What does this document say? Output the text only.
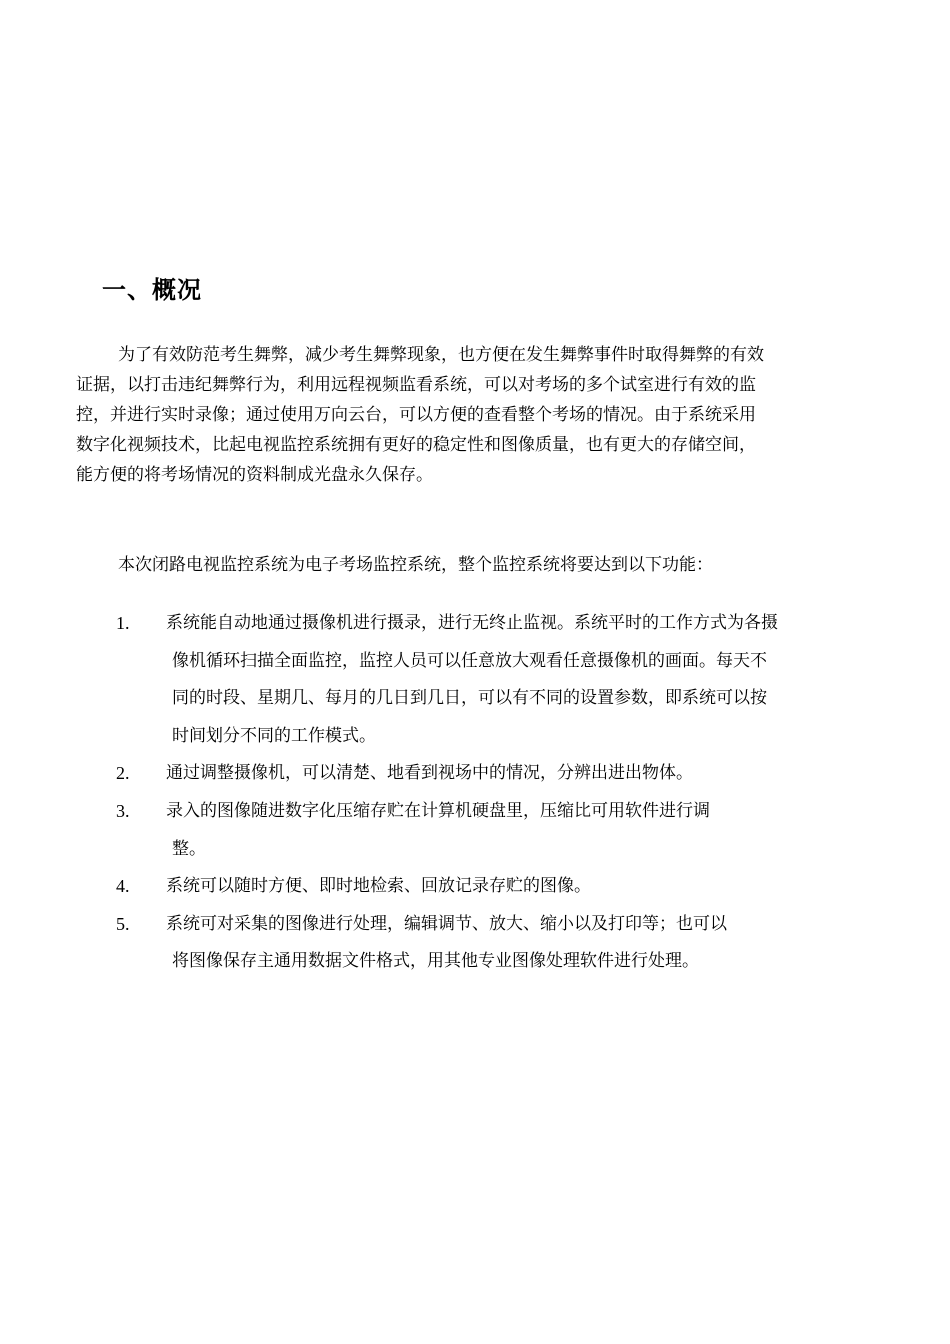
一、概况
为了有效防范考生舞弊，减少考生舞弊现象，也方便在发生舞弊事件时取得舞弊的有效
证据，以打击违纪舞弊行为，利用远程视频监看系统，可以对考场的多个试室进行有效的监
控，并进行实时录像；通过使用万向云台，可以方便的查看整个考场的情况。由于系统采用
数字化视频技术，比起电视监控系统拥有更好的稳定性和图像质量，也有更大的存储空间，
能方便的将考场情况的资料制成光盘永久保存。

本次闭路电视监控系统为电子考场监控系统，整个监控系统将要达到以下功能：

1. 系统能自动地通过摄像机进行摄录，进行无终止监视。系统平时的工作方式为各摄
像机循环扫描全面监控，监控人员可以任意放大观看任意摄像机的画面。每天不
同的时段、星期几、每月的几日到几日，可以有不同的设置参数，即系统可以按
时间划分不同的工作模式。
2. 通过调整摄像机，可以清楚、地看到视场中的情况，分辨出进出物体。
3. 录入的图像随进数字化压缩存贮在计算机硬盘里，压缩比可用软件进行调
整。
4. 系统可以随时方便、即时地检索、回放记录存贮的图像。
5. 系统可对采集的图像进行处理，编辑调节、放大、缩小以及打印等；也可以
将图像保存主通用数据文件格式，用其他专业图像处理软件进行处理。
